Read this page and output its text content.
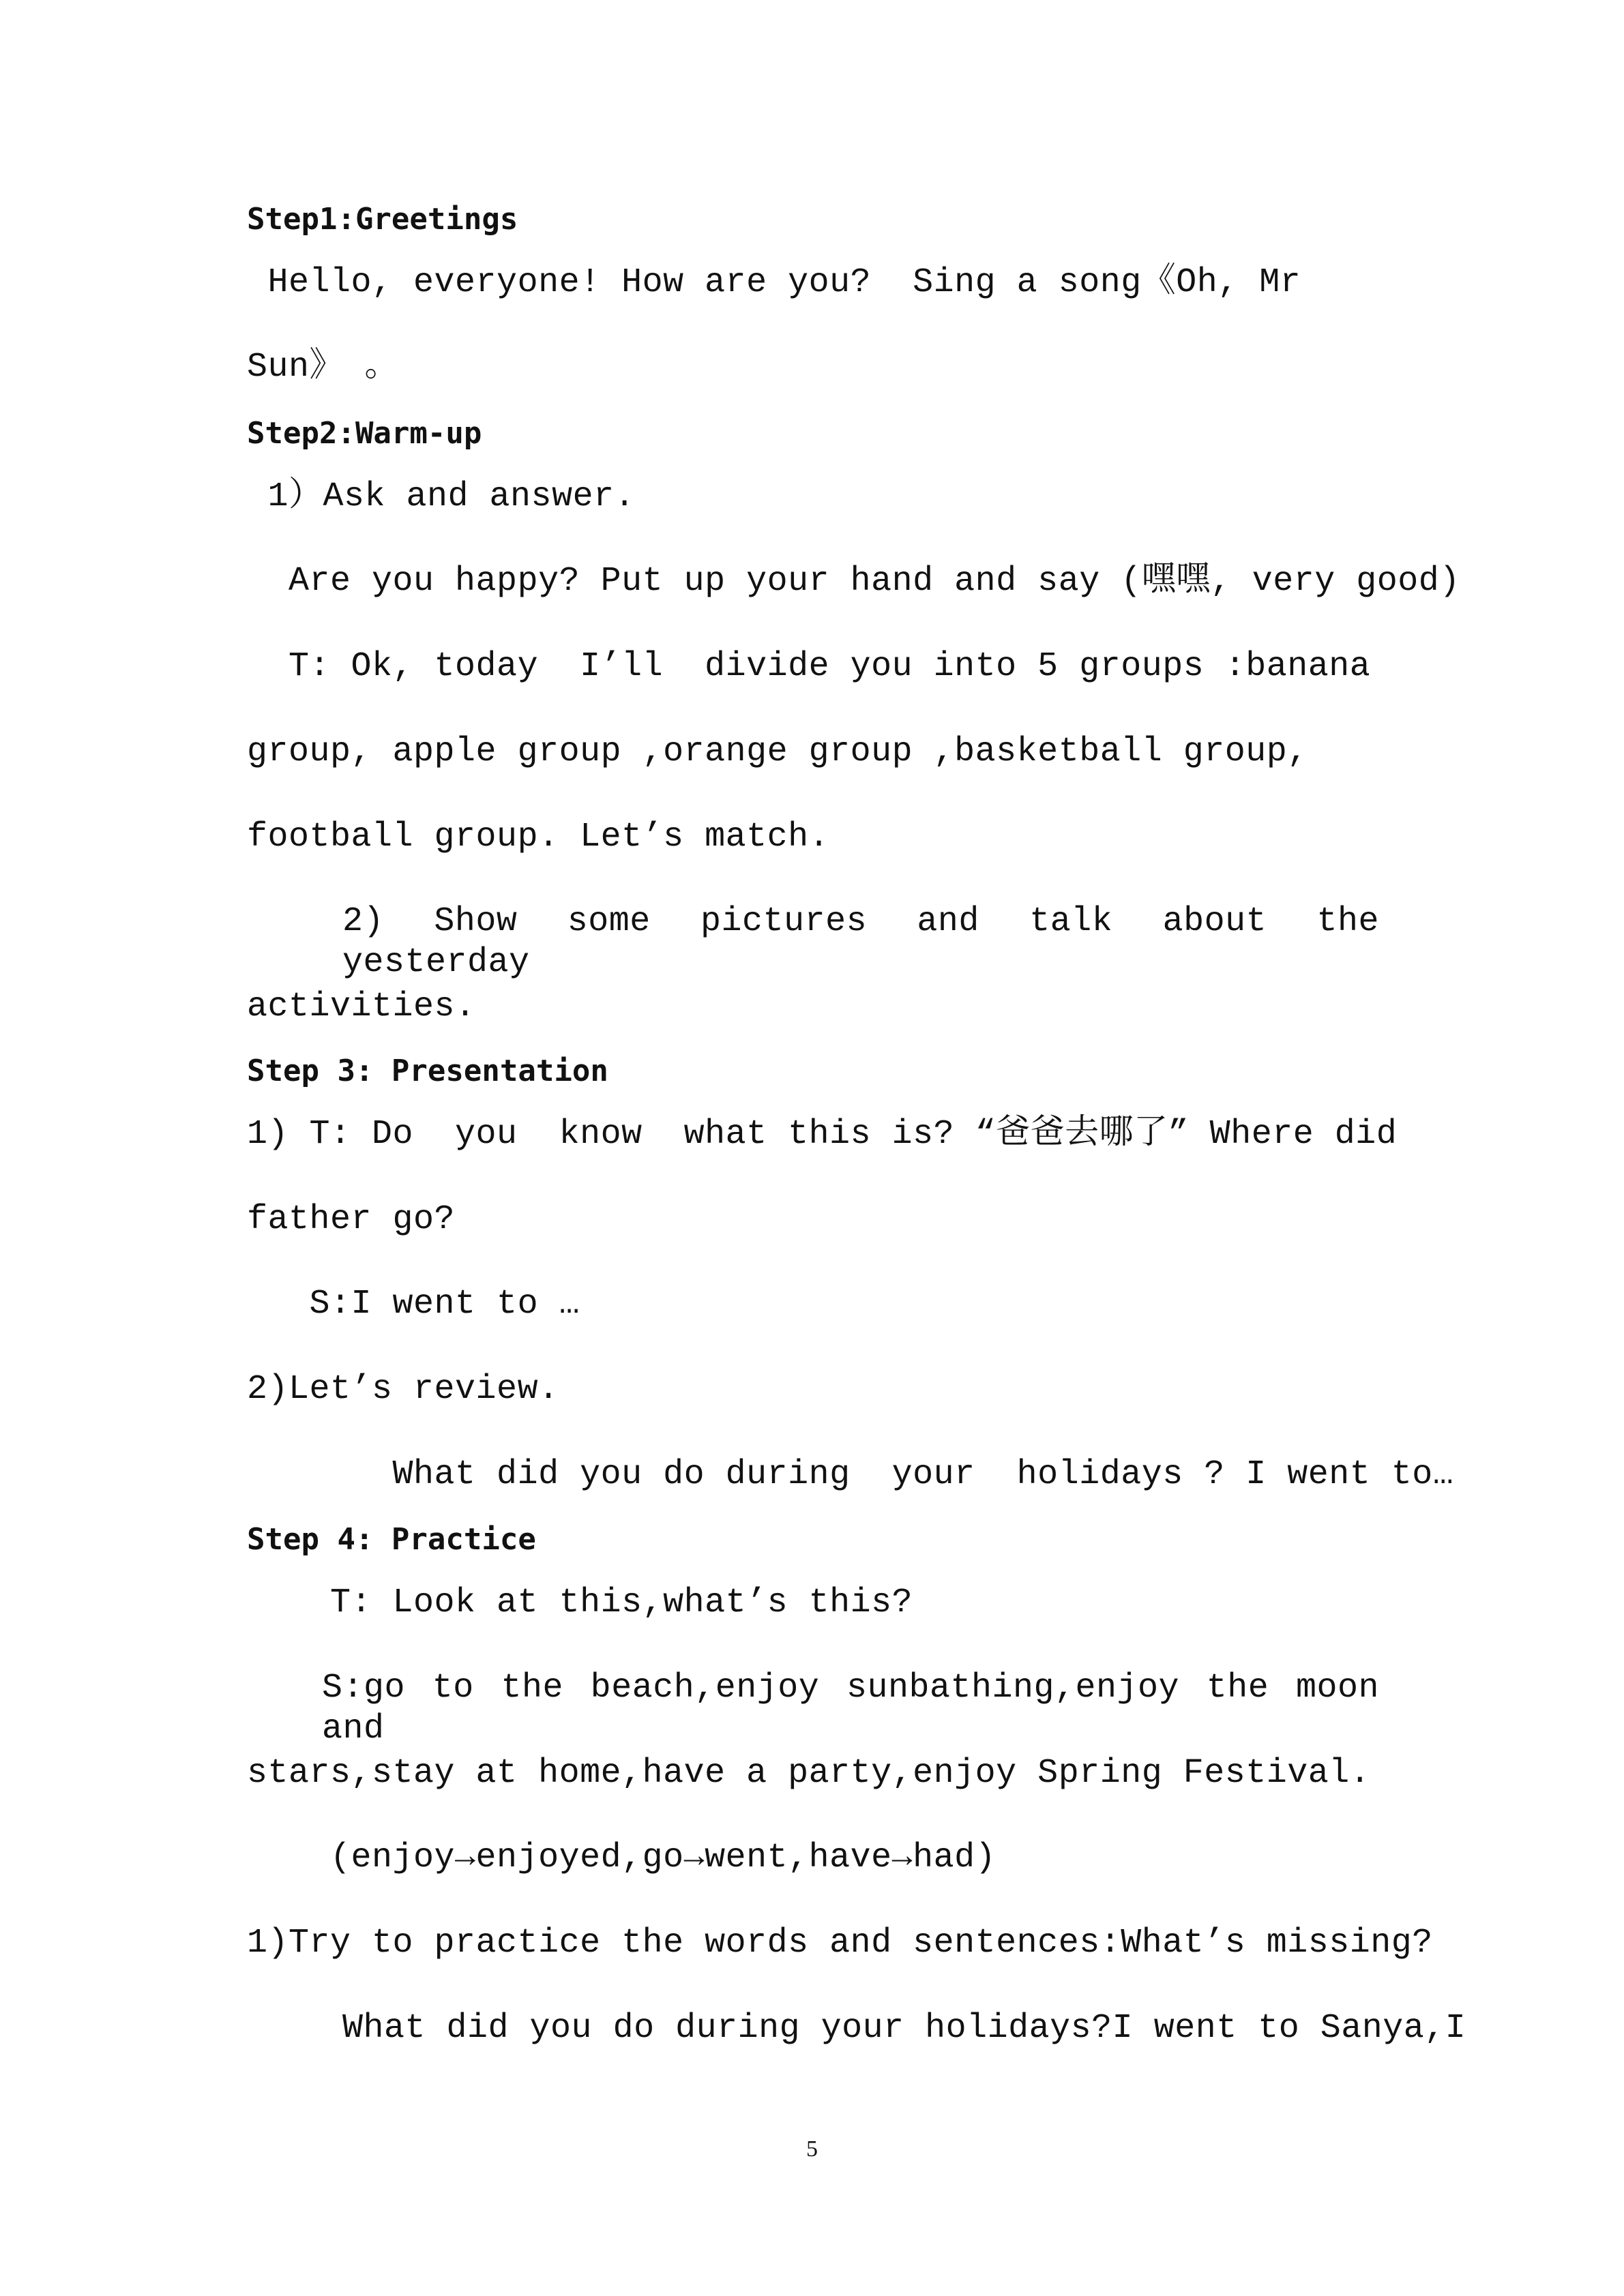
Step1:Greetings
Hello, everyone! How are you?  Sing a song《Oh, Mr
Sun》 。
Step2:Warm-up
1）Ask and answer.
Are you happy? Put up your hand and say (嘿嘿, very good)
T: Ok, today  I’ll  divide you into 5 groups :banana
group, apple group ,orange group ,basketball group,
football group. Let’s match.
2) Show some pictures and talk about the yesterday
activities.
Step 3: Presentation
1) T: Do  you  know  what this is? “爸爸去哪了” Where did
father go?
S:I went to …
2)Let’s review.
What did you do during  your  holidays ? I went to…
Step 4: Practice
T: Look at this,what’s this?
S:go to the beach,enjoy sunbathing,enjoy the moon and
stars,stay at home,have a party,enjoy Spring Festival.
(enjoy→enjoyed,go→went,have→had)
1)Try to practice the words and sentences:What’s missing?
What did you do during your holidays?I went to Sanya,I
5
